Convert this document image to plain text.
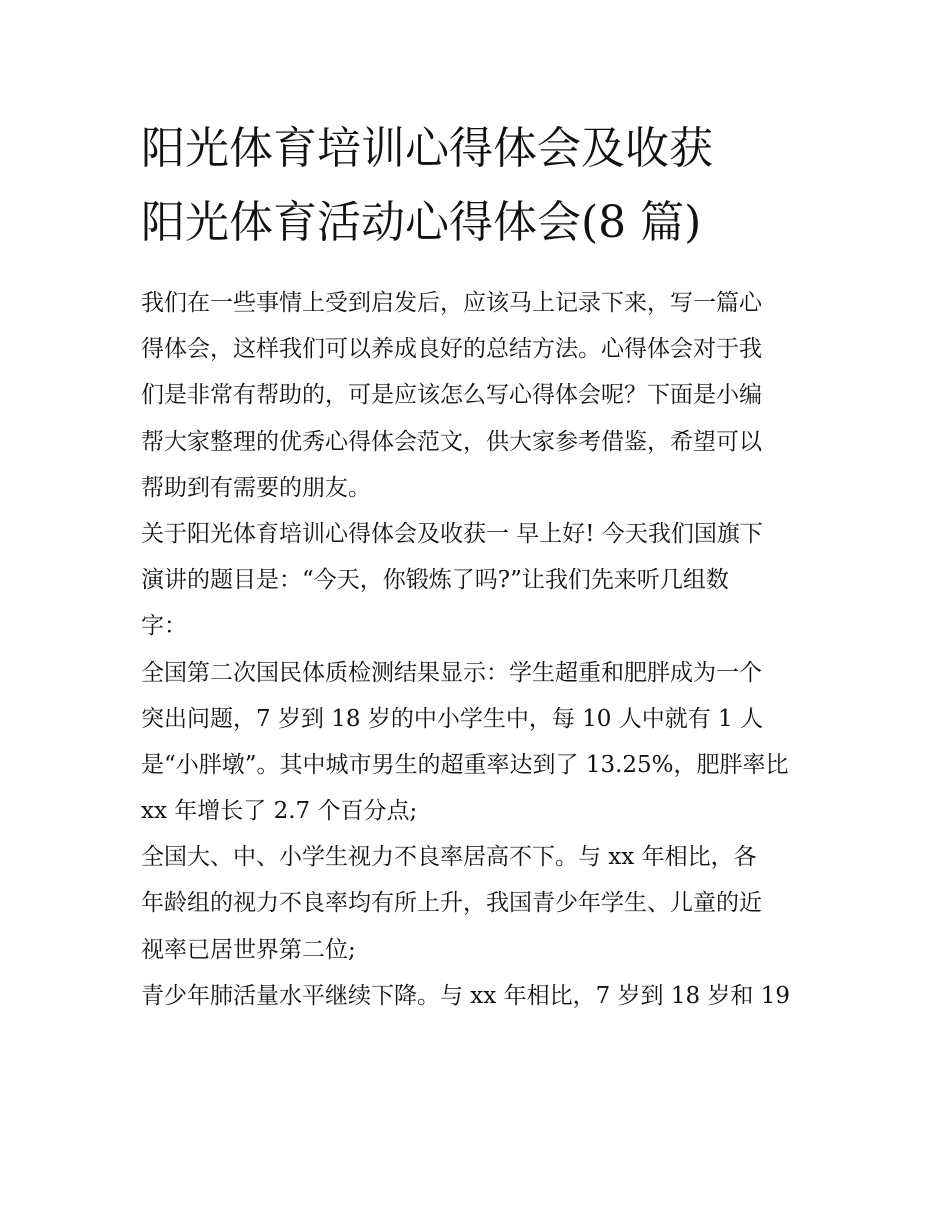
阳光体育培训心得体会及收获
阳光体育活动心得体会(8 篇)
我们在一些事情上受到启发后，应该马上记录下来，写一篇心
得体会，这样我们可以养成良好的总结方法。心得体会对于我
们是非常有帮助的，可是应该怎么写心得体会呢？下面是小编
帮大家整理的优秀心得体会范文，供大家参考借鉴，希望可以
帮助到有需要的朋友。
关于阳光体育培训心得体会及收获一 早上好! 今天我们国旗下
演讲的题目是：“今天，你锻炼了吗?”让我们先来听几组数
字：
全国第二次国民体质检测结果显示：学生超重和肥胖成为一个
突出问题，7 岁到 18 岁的中小学生中，每 10 人中就有 1 人
是“小胖墩”。其中城市男生的超重率达到了 13.25%，肥胖率比
xx 年增长了 2.7 个百分点;
全国大、中、小学生视力不良率居高不下。与 xx 年相比，各
年龄组的视力不良率均有所上升，我国青少年学生、儿童的近
视率已居世界第二位;
青少年肺活量水平继续下降。与 xx 年相比，7 岁到 18 岁和 19
